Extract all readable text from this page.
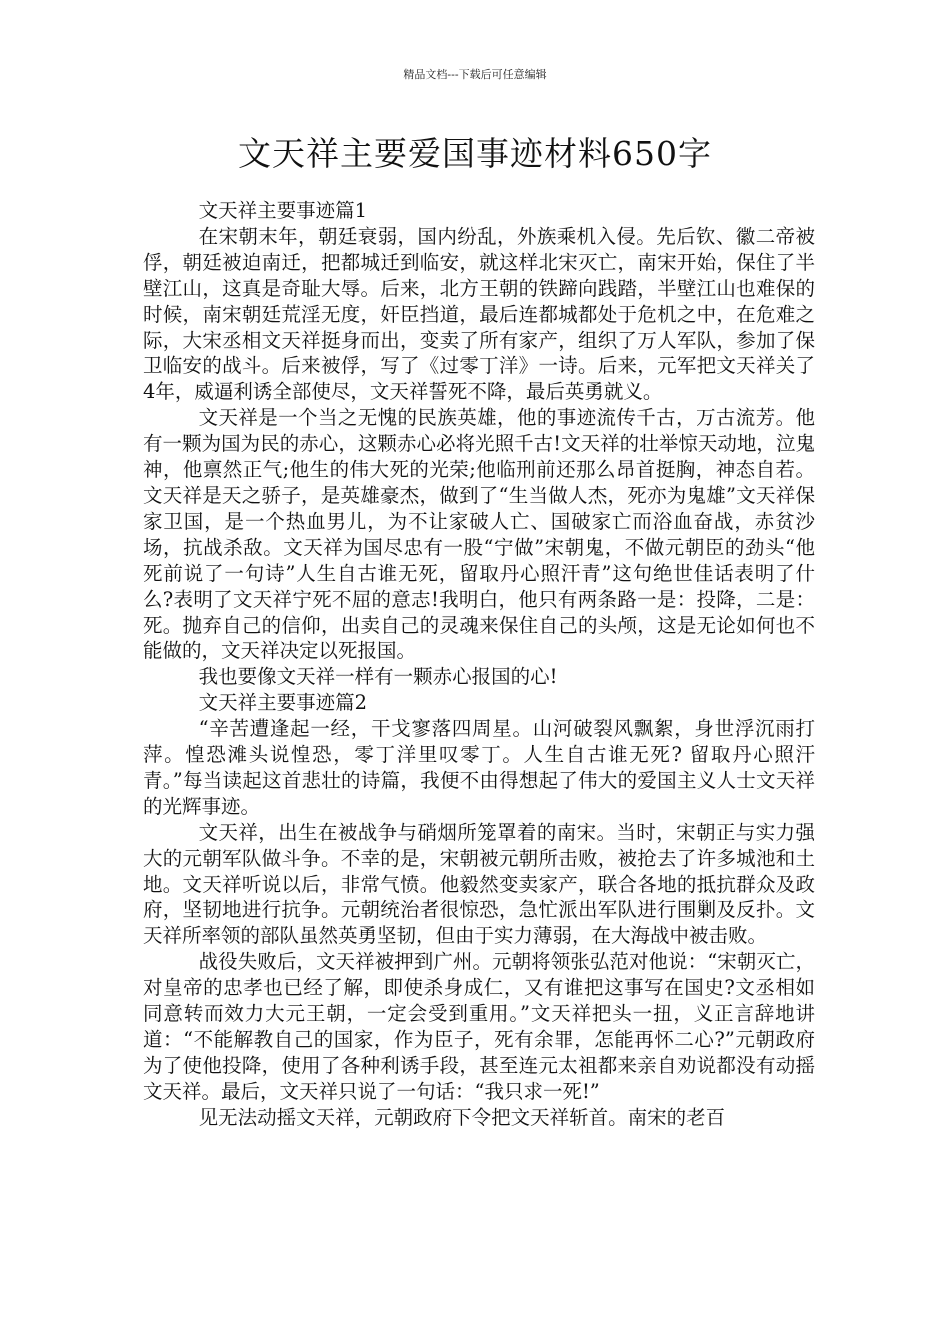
精品文档---下载后可任意编辑
文天祥主要爱国事迹材料650字

文天祥主要事迹篇1

在宋朝末年，朝廷衰弱，国内纷乱，外族乘机入侵。先后钦、徽二帝被俘，朝廷被迫南迁，把都城迁到临安，就这样北宋灭亡，南宋开始，保住了半壁江山，这真是奇耻大辱。后来，北方王朝的铁蹄向践踏，半壁江山也难保的时候，南宋朝廷荒淫无度，奸臣挡道，最后连都城都处于危机之中，在危难之际，大宋丞相文天祥挺身而出，变卖了所有家产，组织了万人军队，参加了保卫临安的战斗。后来被俘，写了《过零丁洋》一诗。后来，元军把文天祥关了4年，威逼利诱全部使尽，文天祥誓死不降，最后英勇就义。

文天祥是一个当之无愧的民族英雄，他的事迹流传千古，万古流芳。他有一颗为国为民的赤心，这颗赤心必将光照千古!文天祥的壮举惊天动地，泣鬼神，他禀然正气;他生的伟大死的光荣;他临刑前还那么昂首挺胸，神态自若。文天祥是天之骄子，是英雄豪杰，做到了“生当做人杰，死亦为鬼雄”文天祥保家卫国，是一个热血男儿，为不让家破人亡、国破家亡而浴血奋战，赤贫沙场，抗战杀敌。文天祥为国尽忠有一股“宁做”宋朝鬼，不做元朝臣的劲头“他死前说了一句诗”人生自古谁无死，留取丹心照汗青”这句绝世佳话表明了什么?表明了文天祥宁死不屈的意志!我明白，他只有两条路一是：投降，二是：死。抛弃自己的信仰，出卖自己的灵魂来保住自己的头颅，这是无论如何也不能做的，文天祥决定以死报国。

我也要像文天祥一样有一颗赤心报国的心!

文天祥主要事迹篇2

“辛苦遭逢起一经，干戈寥落四周星。山河破裂风飘絮，身世浮沉雨打萍。惶恐滩头说惶恐，零丁洋里叹零丁。人生自古谁无死? 留取丹心照汗青。”每当读起这首悲壮的诗篇，我便不由得想起了伟大的爱国主义人士文天祥的光辉事迹。

文天祥，出生在被战争与硝烟所笼罩着的南宋。当时，宋朝正与实力强大的元朝军队做斗争。不幸的是，宋朝被元朝所击败，被抢去了许多城池和土地。文天祥听说以后，非常气愤。他毅然变卖家产，联合各地的抵抗群众及政府，坚韧地进行抗争。元朝统治者很惊恐，急忙派出军队进行围剿及反扑。文天祥所率领的部队虽然英勇坚韧，但由于实力薄弱，在大海战中被击败。

战役失败后，文天祥被押到广州。元朝将领张弘范对他说：“宋朝灭亡，对皇帝的忠孝也已经了解，即使杀身成仁，又有谁把这事写在国史?文丞相如同意转而效力大元王朝，一定会受到重用。”文天祥把头一扭，义正言辞地讲道：“不能解教自己的国家，作为臣子，死有余罪，怎能再怀二心?”元朝政府为了使他投降，使用了各种利诱手段，甚至连元太祖都来亲自劝说都没有动摇文天祥。最后，文天祥只说了一句话：“我只求一死!”

见无法动摇文天祥，元朝政府下令把文天祥斩首。南宋的老百
